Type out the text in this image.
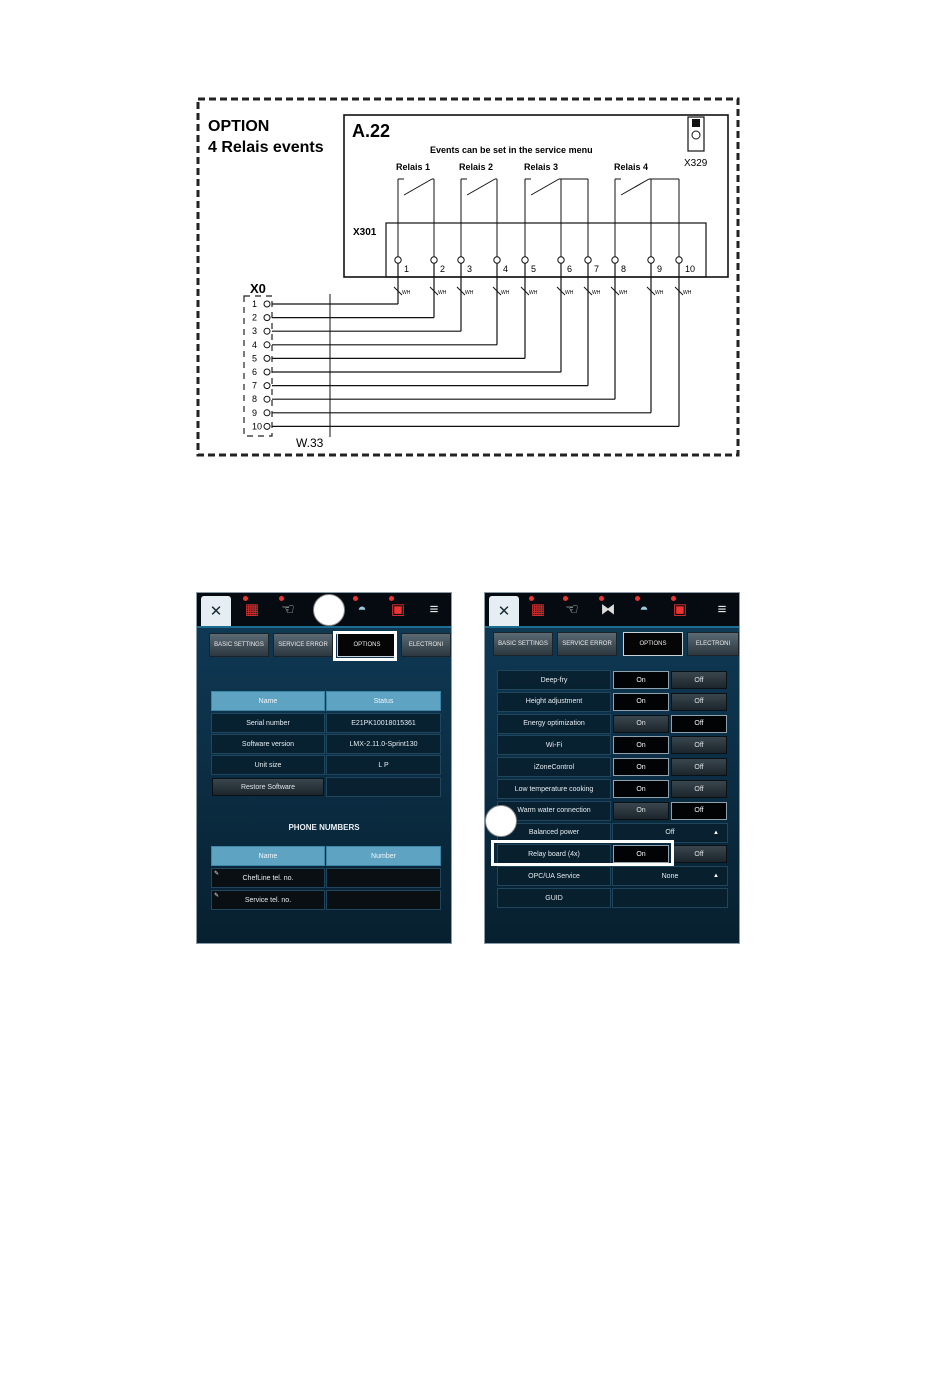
OPTION
4 Relais events
A.22
Events can be set in the service menu
X329
Relais 1	Relais 2	Relais 3	Relais 4
X301
1
WH
2
WH
3
WH
4
WH
5
WH
6
WH
7
WH
8
WH
9
WH
10
WH
X0
1
2
3
4
5
6
7
8
9
10
W.33
✕	▦	☜	◓	▣	≡
BASIC SETTINGS	SERVICE ERROR	OPTIONS	ELECTRONI
Name	Status
Serial number	E21PK10018015361
Software version	LMX-2.11.0-Sprint130
Unit size	L P
Restore Software
PHONE NUMBERS
Name	Number
✎
ChefLine tel. no.
✎
Service tel. no.
✕	▦	☜ ⧓ ◓	▣	≡
BASIC SETTINGS	SERVICE ERROR	OPTIONS	ELECTRONI
Deep-fry	On	Off
Height adjustment	On	Off
Energy optimization	On	Off
Wi-Fi	On	Off
iZoneControl	On	Off
Low temperature cooking	On	Off
Warm water connection	On	Off
Balanced power	Off	▲
Relay board (4x)	On	Off
OPC/UA Service	None	▲
GUID
